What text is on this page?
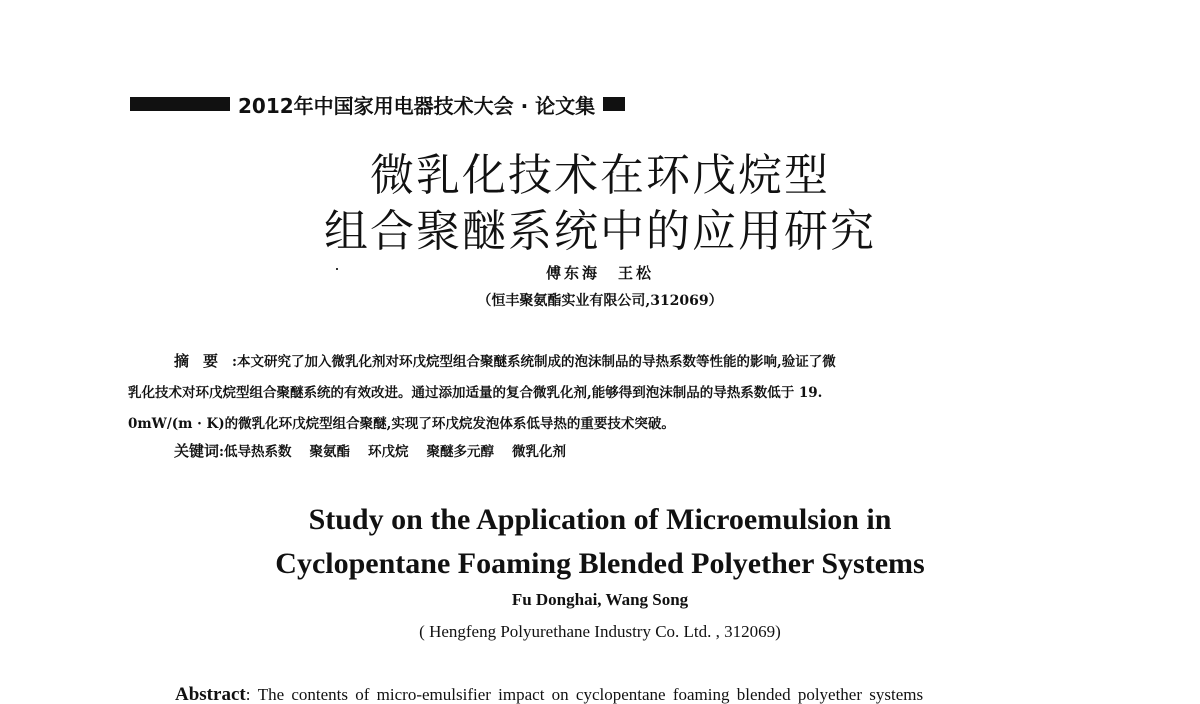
2012年中国家用电器技术大会 · 论文集
微乳化技术在环戊烷型
组合聚醚系统中的应用研究
傅东海　王松
（恒丰聚氨酯实业有限公司,312069）
摘要:本文研究了加入微乳化剂对环戊烷型组合聚醚系统制成的泡沫制品的导热系数等性能的影响,验证了微
乳化技术对环戊烷型组合聚醚系统的有效改进。通过添加适量的复合微乳化剂,能够得到泡沫制品的导热系数低于 19.
0mW/(m · K)的微乳化环戊烷型组合聚醚,实现了环戊烷发泡体系低导热的重要技术突破。
关键词:低导热系数 聚氨酯 环戊烷 聚醚多元醇 微乳化剂
Study on the Application of Microemulsion in
Cyclopentane Foaming Blended Polyether Systems
Fu Donghai, Wang Song
( Hengfeng Polyurethane Industry Co. Ltd. , 312069)
Abstract: The contents of micro-emulsifier impact on cyclopentane foaming blended polyether systems
